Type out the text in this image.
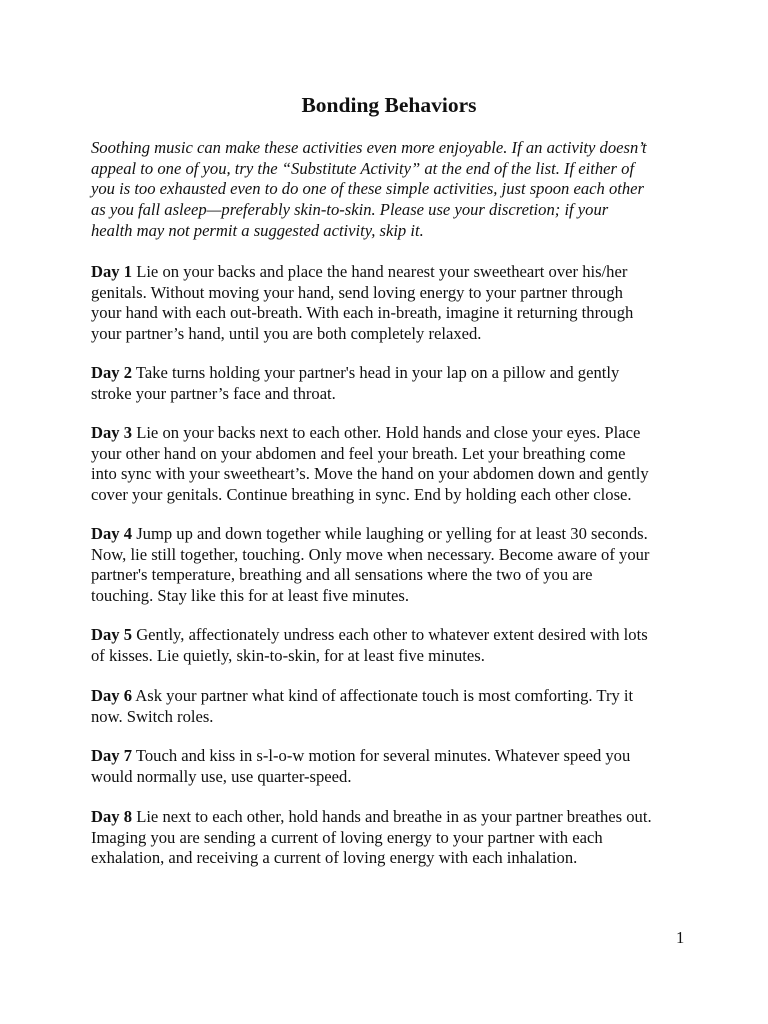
Bonding Behaviors

Soothing music can make these activities even more enjoyable. If an activity doesn’t
appeal to one of you, try the “Substitute Activity” at the end of the list. If either of
you is too exhausted even to do one of these simple activities, just spoon each other
as you fall asleep—preferably skin-to-skin. Please use your discretion; if your
health may not permit a suggested activity, skip it.

Day 1 Lie on your backs and place the hand nearest your sweetheart over his/her
genitals. Without moving your hand, send loving energy to your partner through
your hand with each out-breath. With each in-breath, imagine it returning through
your partner’s hand, until you are both completely relaxed.

Day 2 Take turns holding your partner's head in your lap on a pillow and gently
stroke your partner’s face and throat.

Day 3 Lie on your backs next to each other. Hold hands and close your eyes. Place
your other hand on your abdomen and feel your breath. Let your breathing come
into sync with your sweetheart’s. Move the hand on your abdomen down and gently
cover your genitals. Continue breathing in sync. End by holding each other close.

Day 4 Jump up and down together while laughing or yelling for at least 30 seconds.
Now, lie still together, touching. Only move when necessary. Become aware of your
partner's temperature, breathing and all sensations where the two of you are
touching. Stay like this for at least five minutes.

Day 5 Gently, affectionately undress each other to whatever extent desired with lots
of kisses. Lie quietly, skin-to-skin, for at least five minutes.

Day 6 Ask your partner what kind of affectionate touch is most comforting. Try it
now. Switch roles.

Day 7 Touch and kiss in s-l-o-w motion for several minutes. Whatever speed you
would normally use, use quarter-speed.

Day 8 Lie next to each other, hold hands and breathe in as your partner breathes out.
Imaging you are sending a current of loving energy to your partner with each
exhalation, and receiving a current of loving energy with each inhalation.

1
